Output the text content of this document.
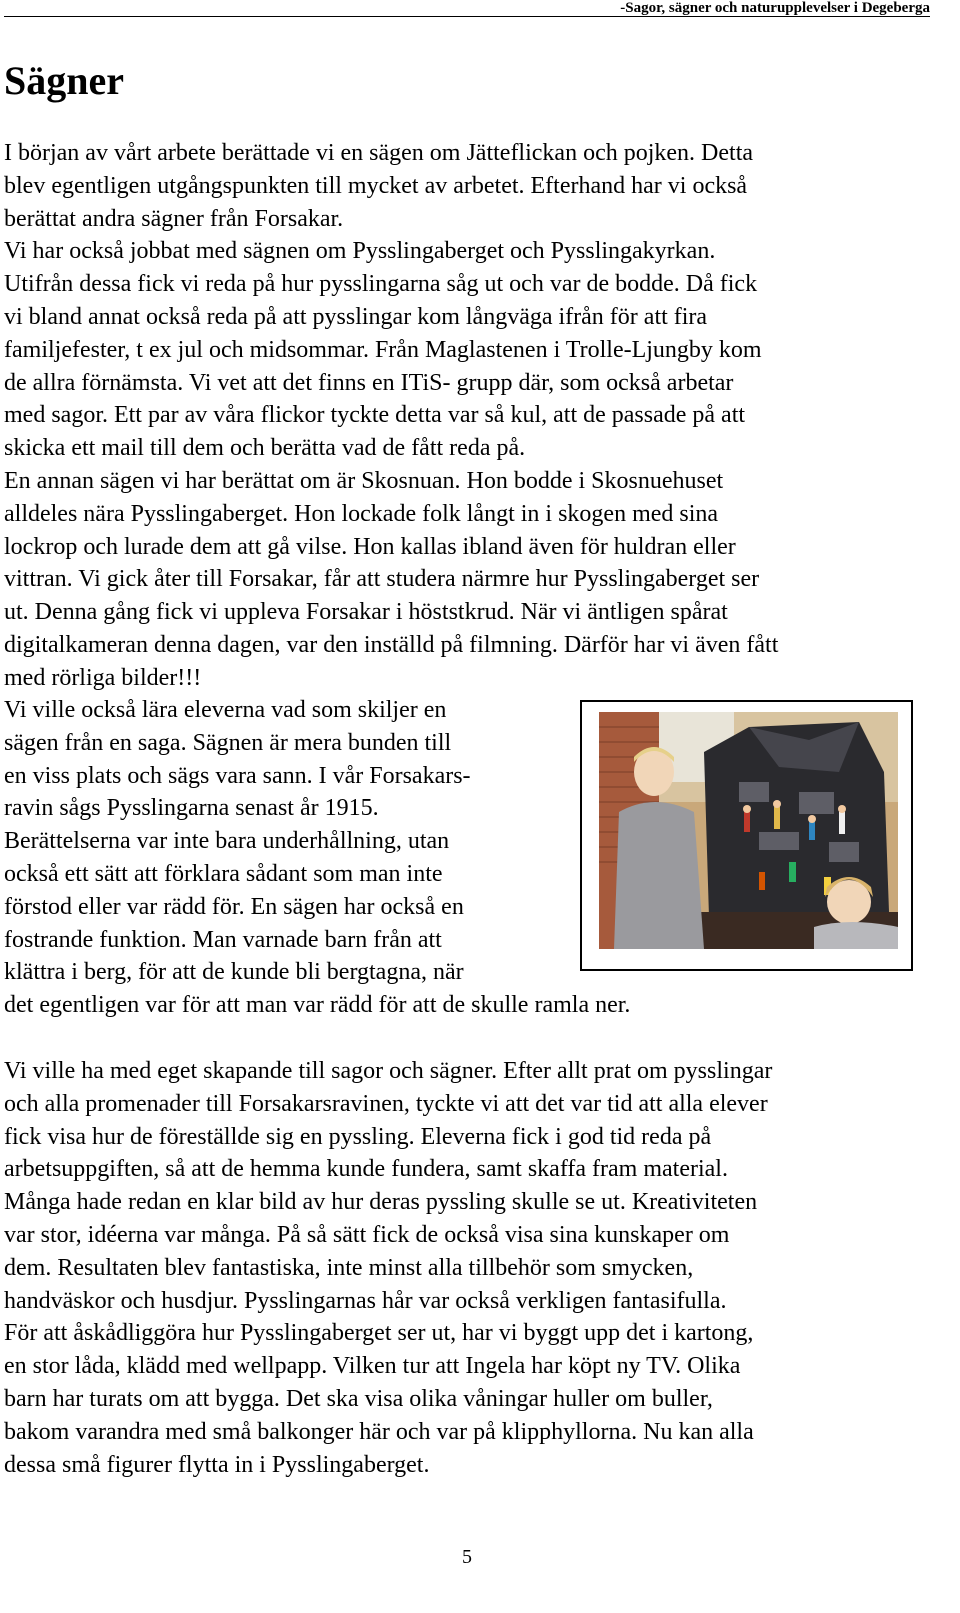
-Sagor, sägner och naturupplevelser i Degeberga
Sägner
I början av vårt arbete berättade vi en sägen om Jätteflickan och pojken. Detta
blev egentligen utgångspunkten till mycket av arbetet. Efterhand har vi också
berättat andra sägner från Forsakar.
Vi har också jobbat med sägnen om Pysslingaberget och Pysslingakyrkan.
Utifrån dessa fick vi reda på hur pysslingarna såg ut och var de bodde. Då fick
vi bland annat också reda på att pysslingar kom långväga ifrån för att fira
familjefester, t ex jul och midsommar. Från Maglastenen i Trolle-Ljungby kom
de allra förnämsta. Vi vet att det finns en ITiS- grupp där, som också arbetar
med sagor. Ett par av våra flickor tyckte detta var så kul, att de passade på att
skicka ett mail till dem och berätta vad de fått reda på.
En annan sägen vi har berättat om är Skosnuan. Hon bodde i Skosnuehuset
alldeles nära Pysslingaberget. Hon lockade folk långt in i skogen med sina
lockrop och lurade dem att gå vilse. Hon kallas ibland även för huldran eller
vittran. Vi gick åter till Forsakar, får att studera närmre hur Pysslingaberget ser
ut. Denna gång fick vi uppleva Forsakar i höststkrud. När vi äntligen spårat
digitalkameran denna dagen, var den inställd på filmning. Därför har vi även fått
med rörliga bilder!!!
Vi ville också lära eleverna vad som skiljer en
sägen från en saga. Sägnen är mera bunden till
en viss plats och sägs vara sann. I vår Forsakars-
ravin sågs Pysslingarna senast år 1915.
Berättelserna var inte bara underhållning, utan
också ett sätt att förklara sådant som man inte
förstod eller var rädd för. En sägen har också en
fostrande funktion. Man varnade barn från att
klättra i berg, för att de kunde bli bergtagna, när
det egentligen var för att man var rädd för att de skulle ramla ner.
Vi ville ha med eget skapande till sagor och sägner. Efter allt prat om pysslingar
och alla promenader till Forsakarsravinen, tyckte vi att det var tid att alla elever
fick visa hur de föreställde sig en pyssling. Eleverna fick i god tid reda på
arbetsuppgiften, så att de hemma kunde fundera, samt skaffa fram material.
Många hade redan en klar bild av hur deras pyssling skulle se ut. Kreativiteten
var stor, idéerna var många. På så sätt fick de också visa sina kunskaper om
dem. Resultaten blev fantastiska, inte minst alla tillbehör som smycken,
handväskor och husdjur. Pysslingarnas hår var också verkligen fantasifulla.
För att åskådliggöra hur Pysslingaberget ser ut, har vi byggt upp det i kartong,
en stor låda, klädd med wellpapp. Vilken tur att Ingela har köpt ny TV. Olika
barn har turats om att bygga. Det ska visa olika våningar huller om buller,
bakom varandra med små balkonger här och var på klipphyllorna. Nu kan alla
dessa små figurer flytta in i Pysslingaberget.
5
